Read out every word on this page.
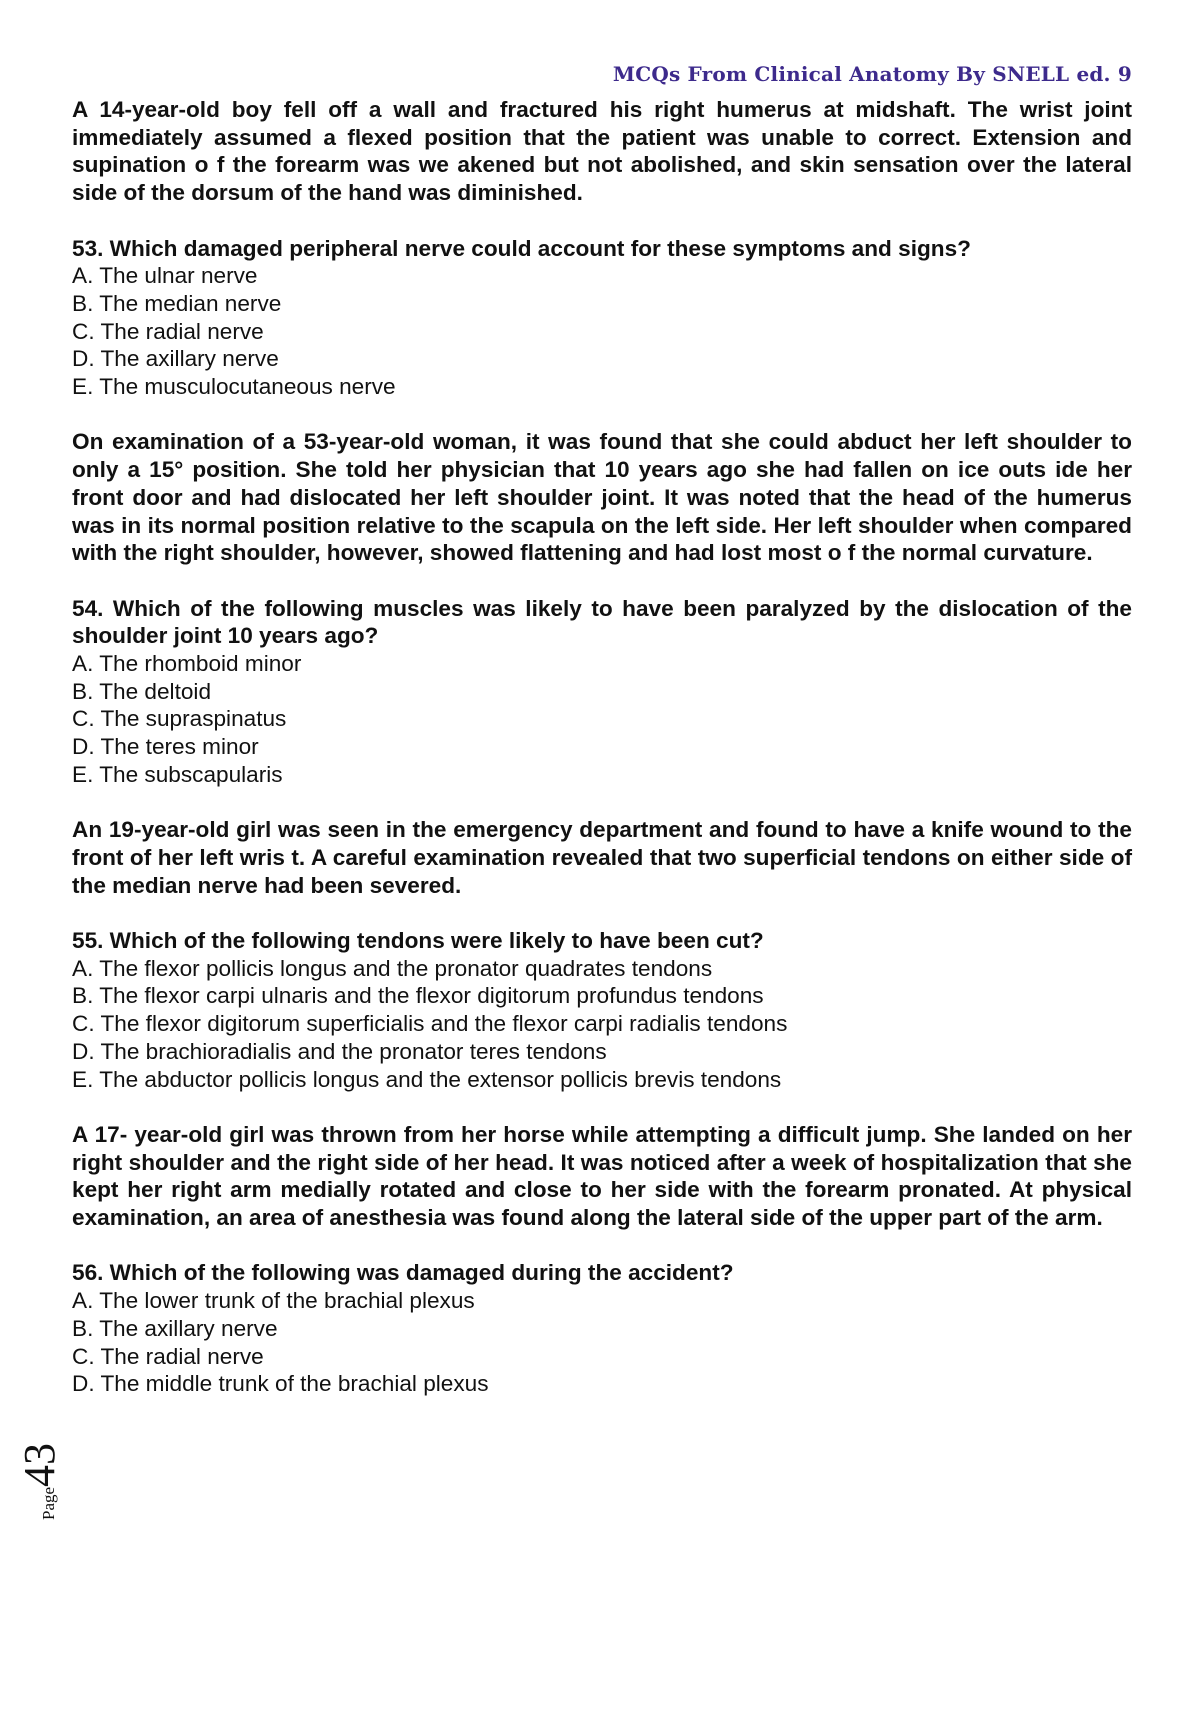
MCQs From Clinical Anatomy By SNELL ed. 9

A 14-year-old boy fell off a wall and fractured his right humerus at midshaft. The wrist joint immediately assumed a flexed position that the patient was unable to correct. Extension and supination o f the forearm was we akened but not abolished, and skin sensation over the lateral side of the dorsum of the hand was diminished.

53. Which damaged peripheral nerve could account for these symptoms and signs?
A. The ulnar nerve
B. The median nerve
C. The radial nerve
D. The axillary nerve
E. The musculocutaneous nerve

On examination of a 53-year-old woman, it was found that she could abduct her left shoulder to only a 15° position. She told her physician that 10 years ago she had fallen on ice outs ide her front door and had dislocated her left shoulder joint. It was noted that the head of the humerus was in its normal position relative to the scapula on the left side. Her left shoulder when compared with the right shoulder, however, showed flattening and had lost most o f the normal curvature.

54. Which of the following muscles was likely to have been paralyzed by the dislocation of the shoulder joint 10 years ago?
A. The rhomboid minor
B. The deltoid
C. The supraspinatus
D. The teres minor
E. The subscapularis

An 19-year-old girl was seen in the emergency department and found to have a knife wound to the front of her left wris t. A careful examination revealed that two superficial tendons on either side of the median nerve had been severed.

55. Which of the following tendons were likely to have been cut?
A. The flexor pollicis longus and the pronator quadrates tendons
B. The flexor carpi ulnaris and the flexor digitorum profundus tendons
C. The flexor digitorum superficialis and the flexor carpi radialis tendons
D. The brachioradialis and the pronator teres tendons
E. The abductor pollicis longus and the extensor pollicis brevis tendons

A 17- year-old girl was thrown from her horse while attempting a difficult jump. She landed on her right shoulder and the right side of her head. It was noticed after a week of hospitalization that she kept her right arm medially rotated and close to her side with the forearm pronated. At physical examination, an area of anesthesia was found along the lateral side of the upper part of the arm.

56. Which of the following was damaged during the accident?
A. The lower trunk of the brachial plexus
B. The axillary nerve
C. The radial nerve
D. The middle trunk of the brachial plexus
Page43
